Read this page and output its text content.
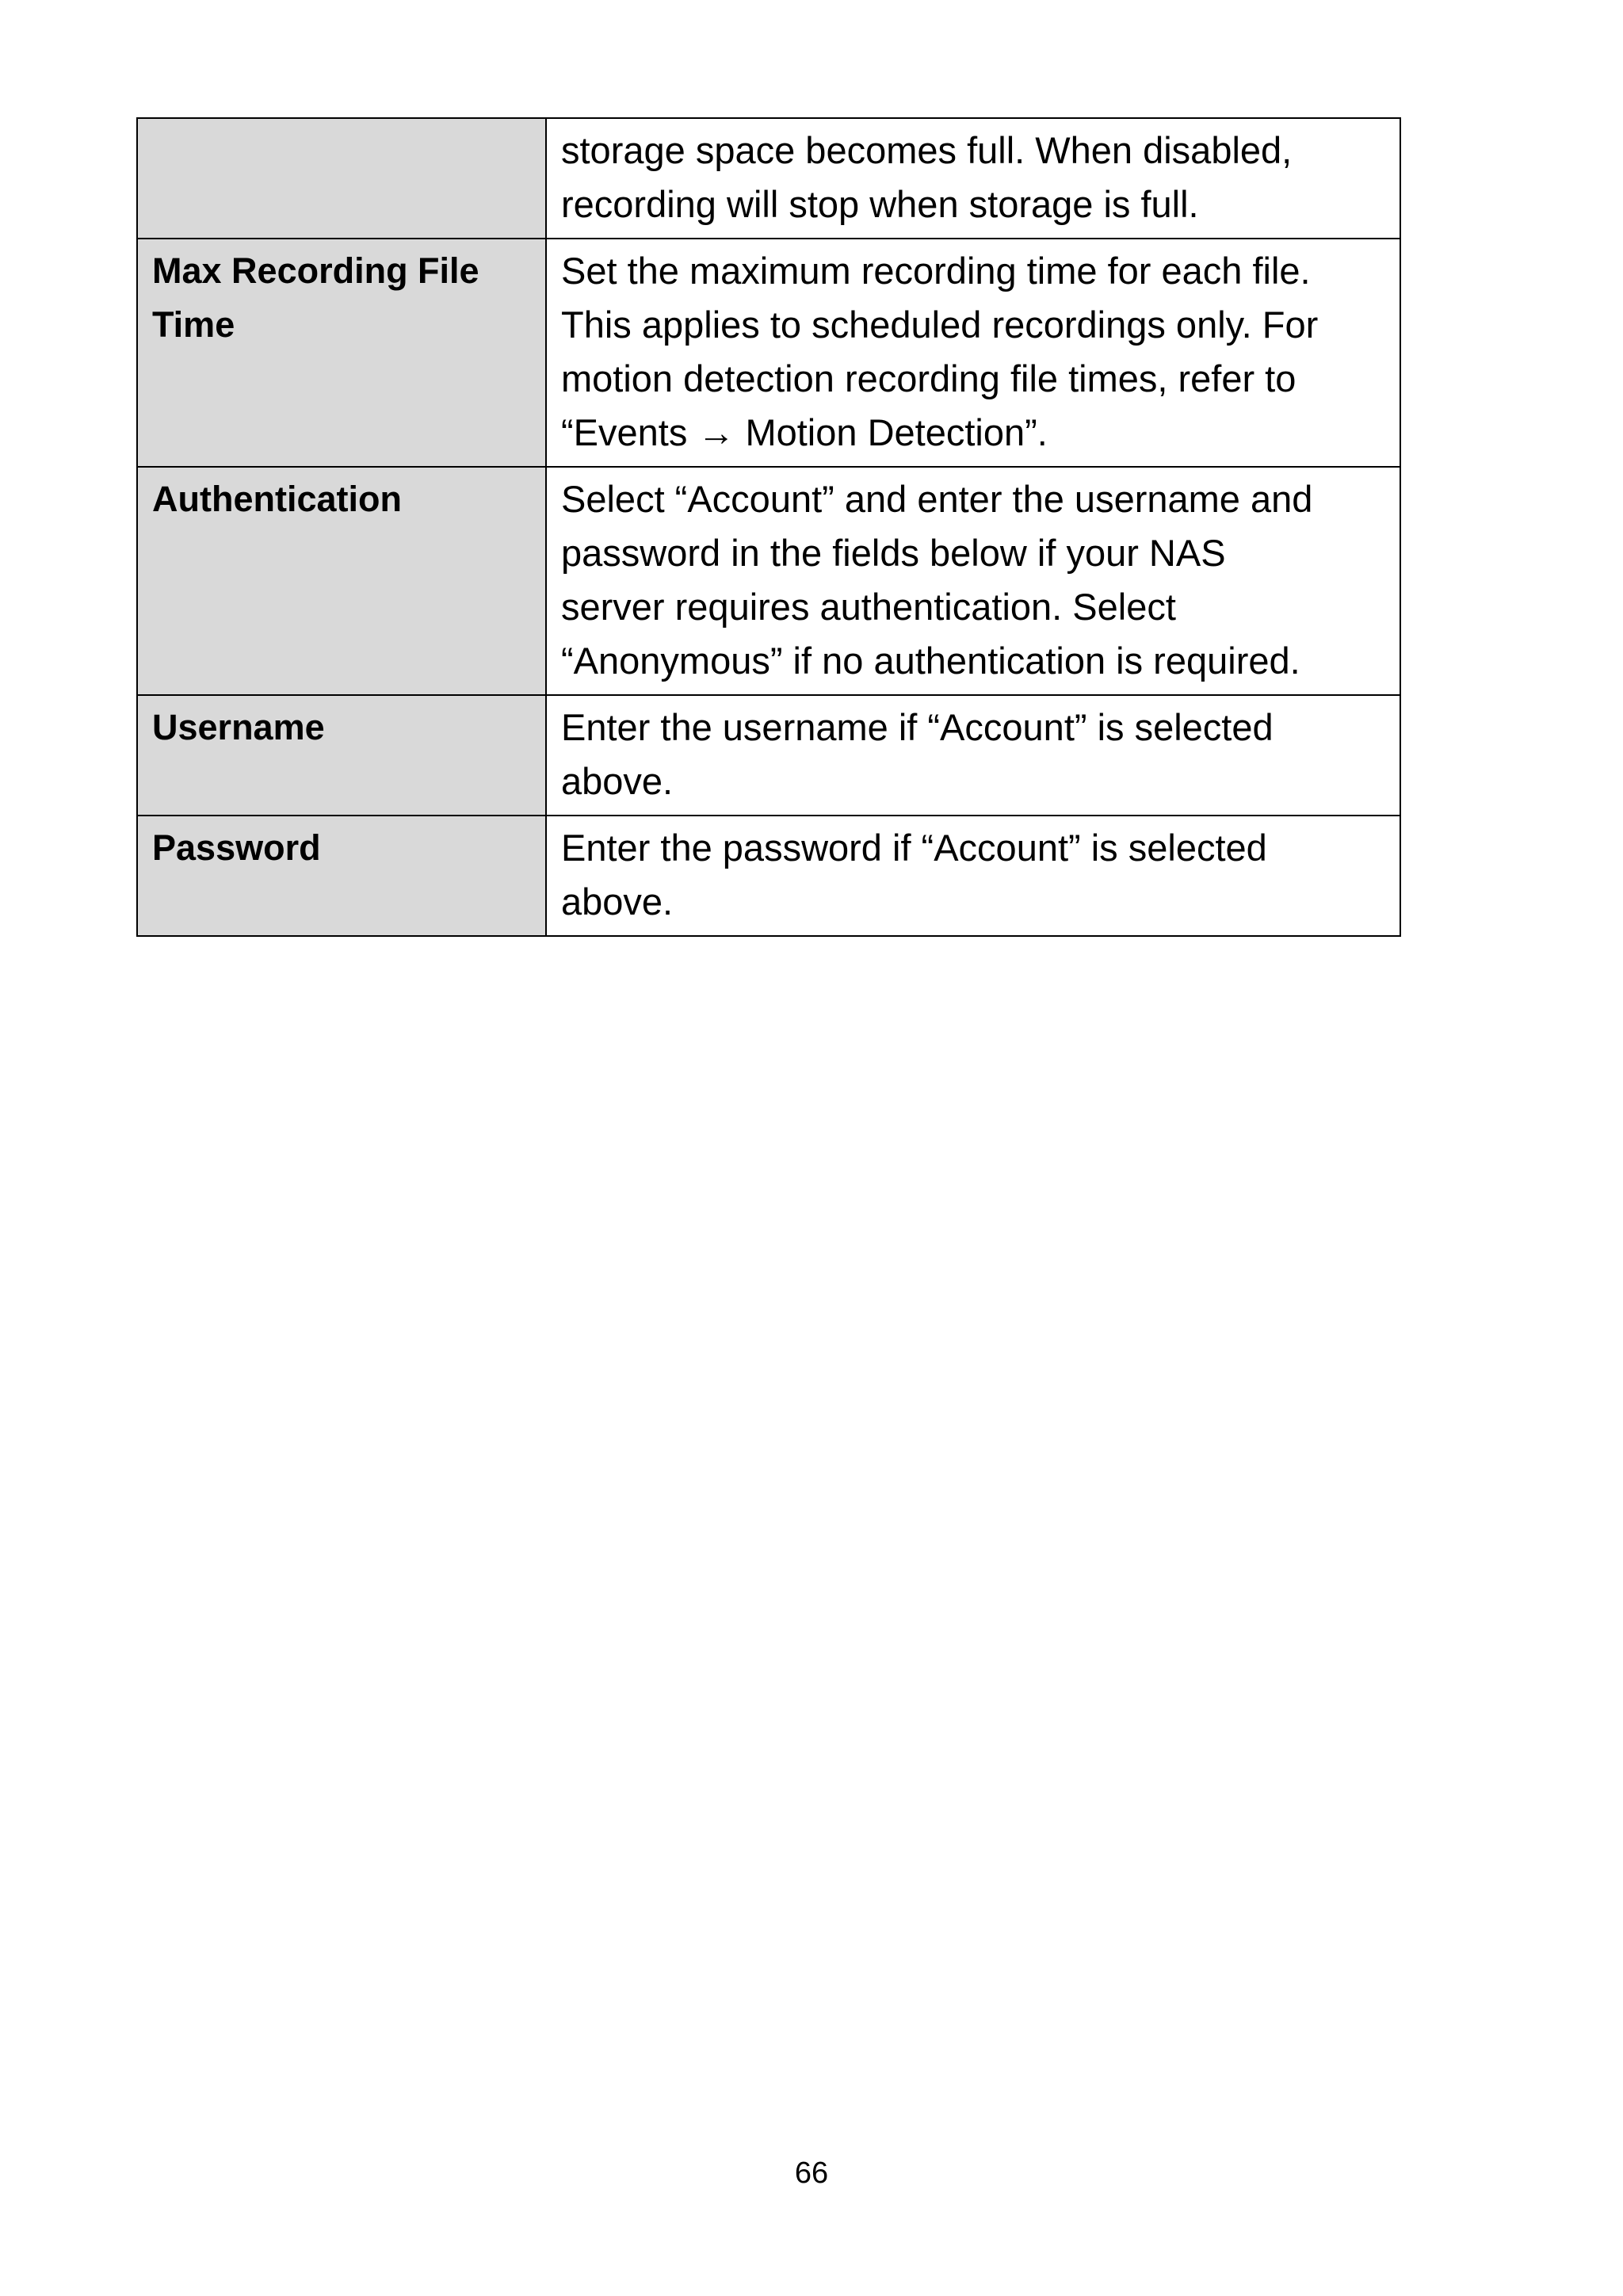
	storage space becomes full. When disabled,
recording will stop when storage is full.

Max Recording File Time	Set the maximum recording time for each file.
This applies to scheduled recordings only. For
motion detection recording file times, refer to
“Events → Motion Detection”.

Authentication	Select “Account” and enter the username and
password in the fields below if your NAS
server requires authentication. Select
“Anonymous” if no authentication is required.

Username	Enter the username if “Account” is selected
above.

Password	Enter the password if “Account” is selected
above.
66
